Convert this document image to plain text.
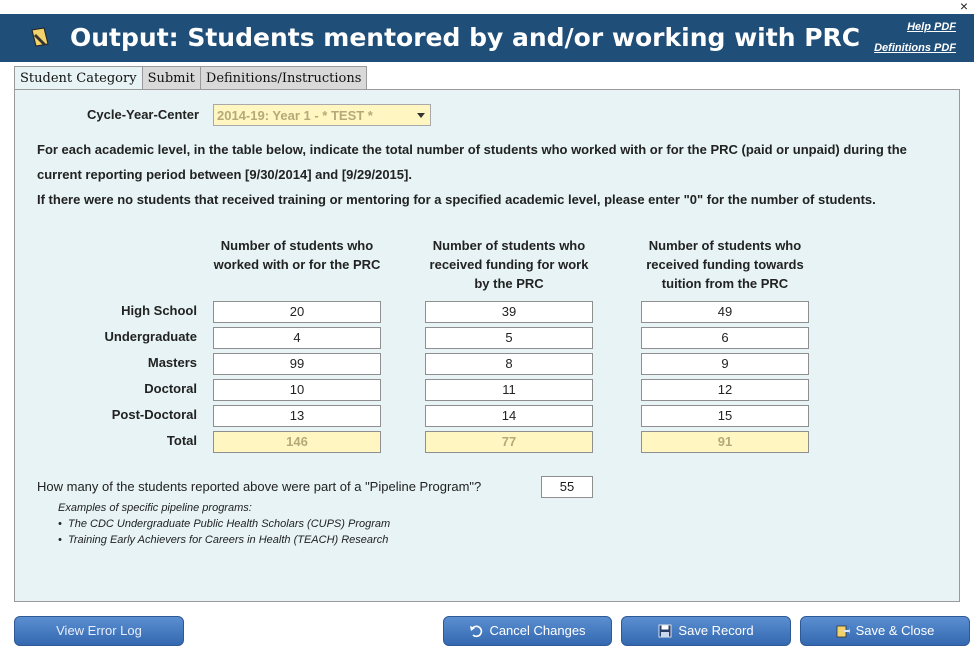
×
Output: Students mentored by and/or working with PRC	Help PDF
Definitions PDF
Student Category Submit Definitions/Instructions
Cycle-Year-Center 2014-19: Year 1 - * TEST *
For each academic level, in the table below, indicate the total number of students who worked with or for the PRC (paid or unpaid) during the
current reporting period between [9/30/2014] and [9/29/2015].
If there were no students that received training or mentoring for a specified academic level, please enter "0" for the number of students.
Number of students who worked with or for the PRC
Number of students who received funding for work by the PRC
Number of students who received funding towards tuition from the PRC
High School	20	39	49
Undergraduate	4	5	6
Masters	99	8	9
Doctoral	10	11	12
Post-Doctoral	13	14	15
Total	146	77	91
How many of the students reported above were part of a "Pipeline Program"?	55
Examples of specific pipeline programs:
• The CDC Undergraduate Public Health Scholars (CUPS) Program
• Training Early Achievers for Careers in Health (TEACH) Research
View Error Log	Cancel Changes	Save Record	Save & Close
